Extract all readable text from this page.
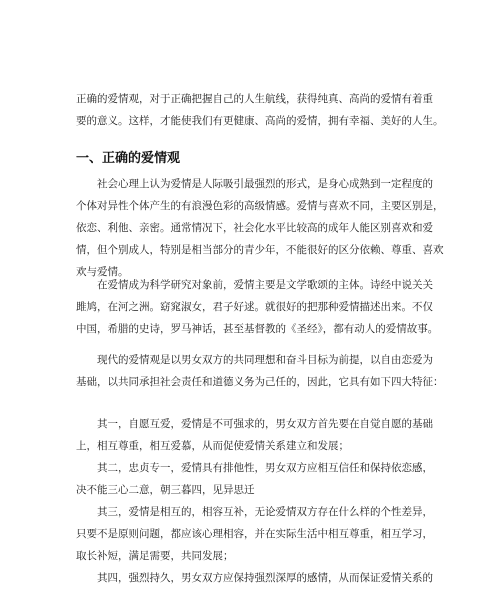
正确的爱情观，对于正确把握自己的人生航线，获得纯真、高尚的爱情有着重
要的意义。这样，才能使我们有更健康、高尚的爱情，拥有幸福、美好的人生。
一、正确的爱情观
　　社会心理上认为爱情是人际吸引最强烈的形式，是身心成熟到一定程度的
个体对异性个体产生的有浪漫色彩的高级情感。爱情与喜欢不同，主要区别是，
依恋、利他、亲密。通常情况下，社会化水平比较高的成年人能区别喜欢和爱
情，但个别成人，特别是相当部分的青少年，不能很好的区分依赖、尊重、喜欢
欢与爱情。
　　在爱情成为科学研究对象前，爱情主要是文学歌颂的主体。诗经中说关关
雎鸠，在河之洲。窈窕淑女，君子好逑。就很好的把那种爱情描述出来。不仅
中国，希腊的史诗，罗马神话，甚至基督教的《圣经》，都有动人的爱情故事。
　　现代的爱情观是以男女双方的共同理想和奋斗目标为前提，以自由恋爱为
基础，以共同承担社会责任和道德义务为己任的，因此，它具有如下四大特征：
　　其一，自愿互爱，爱情是不可强求的，男女双方首先要在自觉自愿的基础
上，相互尊重，相互爱慕，从而促使爱情关系建立和发展；
　　其二，忠贞专一，爱情具有排他性，男女双方应相互信任和保持依恋感，
决不能三心二意，朝三暮四，见异思迁
　　其三，爱情是相互的，相容互补，无论爱情双方存在什么样的个性差异，
只要不是原则问题，都应该心理相容，并在实际生活中相互尊重，相互学习，
取长补短，满足需要，共同发展；
　　其四，强烈持久，男女双方应保持强烈深厚的感情，从而保证爱情关系的
